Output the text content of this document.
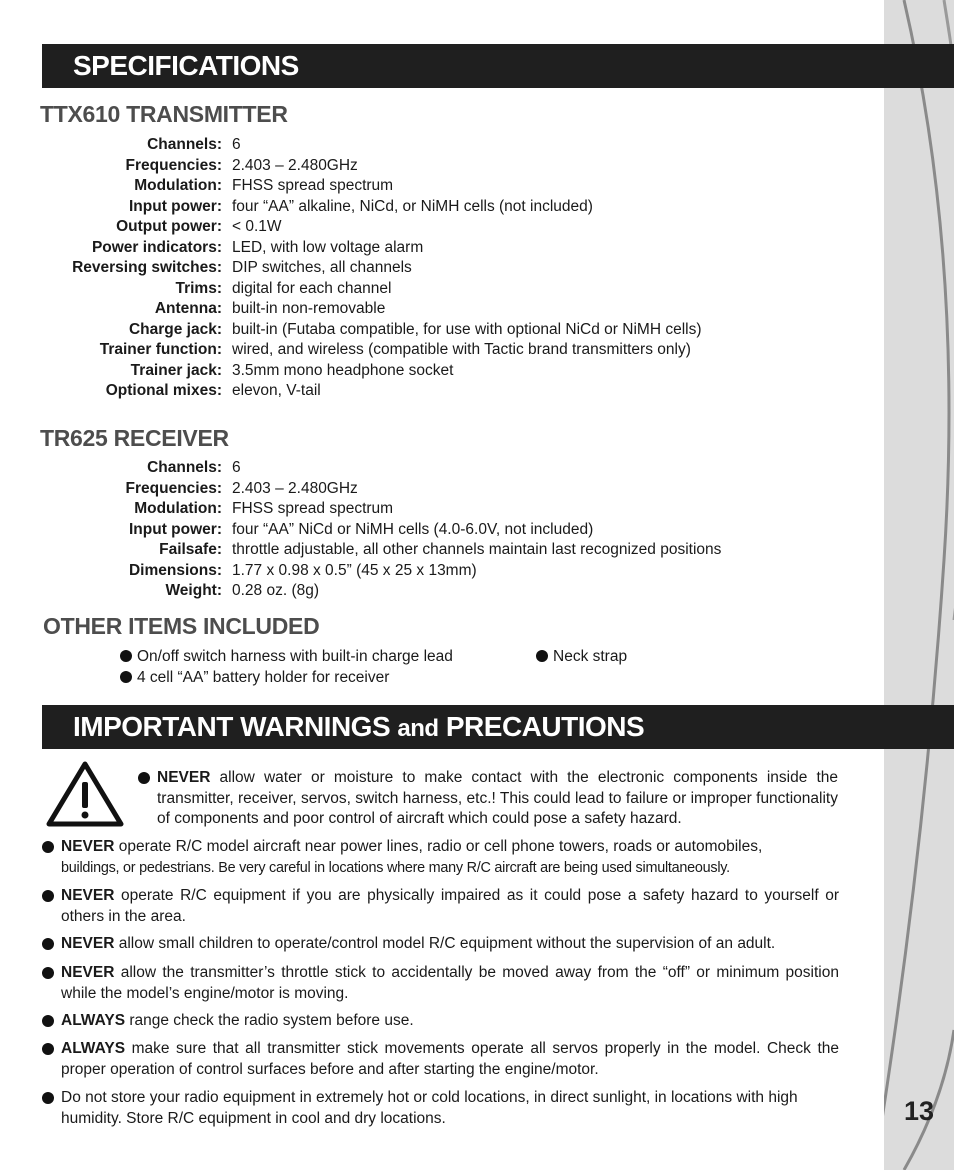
SPECIFICATIONS
TTX610 TRANSMITTER
Channels: 6
Frequencies: 2.403 – 2.480GHz
Modulation: FHSS spread spectrum
Input power: four “AA” alkaline, NiCd, or NiMH cells (not included)
Output power: < 0.1W
Power indicators: LED, with low voltage alarm
Reversing switches: DIP switches, all channels
Trims: digital for each channel
Antenna: built-in non-removable
Charge jack: built-in (Futaba compatible, for use with optional NiCd or NiMH cells)
Trainer function: wired, and wireless (compatible with Tactic brand transmitters only)
Trainer jack: 3.5mm mono headphone socket
Optional mixes: elevon, V-tail
TR625 RECEIVER
Channels: 6
Frequencies: 2.403 – 2.480GHz
Modulation: FHSS spread spectrum
Input power: four “AA” NiCd or NiMH cells (4.0-6.0V, not included)
Failsafe: throttle adjustable, all other channels maintain last recognized positions
Dimensions: 1.77 x 0.98 x 0.5” (45 x 25 x 13mm)
Weight: 0.28 oz. (8g)
OTHER ITEMS INCLUDED
On/off switch harness with built-in charge lead	Neck strap
4 cell “AA” battery holder for receiver
IMPORTANT WARNINGS and PRECAUTIONS
NEVER allow water or moisture to make contact with the electronic components inside the transmitter, receiver, servos, switch harness, etc.! This could lead to failure or improper functionality of components and poor control of aircraft which could pose a safety hazard.
NEVER operate R/C model aircraft near power lines, radio or cell phone towers, roads or automobiles,
buildings, or pedestrians. Be very careful in locations where many R/C aircraft are being used simultaneously.
NEVER operate R/C equipment if you are physically impaired as it could pose a safety hazard to yourself or others in the area.
NEVER allow small children to operate/control model R/C equipment without the supervision of an adult.
NEVER allow the transmitter’s throttle stick to accidentally be moved away from the “off” or minimum position while the model’s engine/motor is moving.
ALWAYS range check the radio system before use.
ALWAYS make sure that all transmitter stick movements operate all servos properly in the model. Check the proper operation of control surfaces before and after starting the engine/motor.
Do not store your radio equipment in extremely hot or cold locations, in direct sunlight, in locations with high humidity. Store R/C equipment in cool and dry locations.	13
